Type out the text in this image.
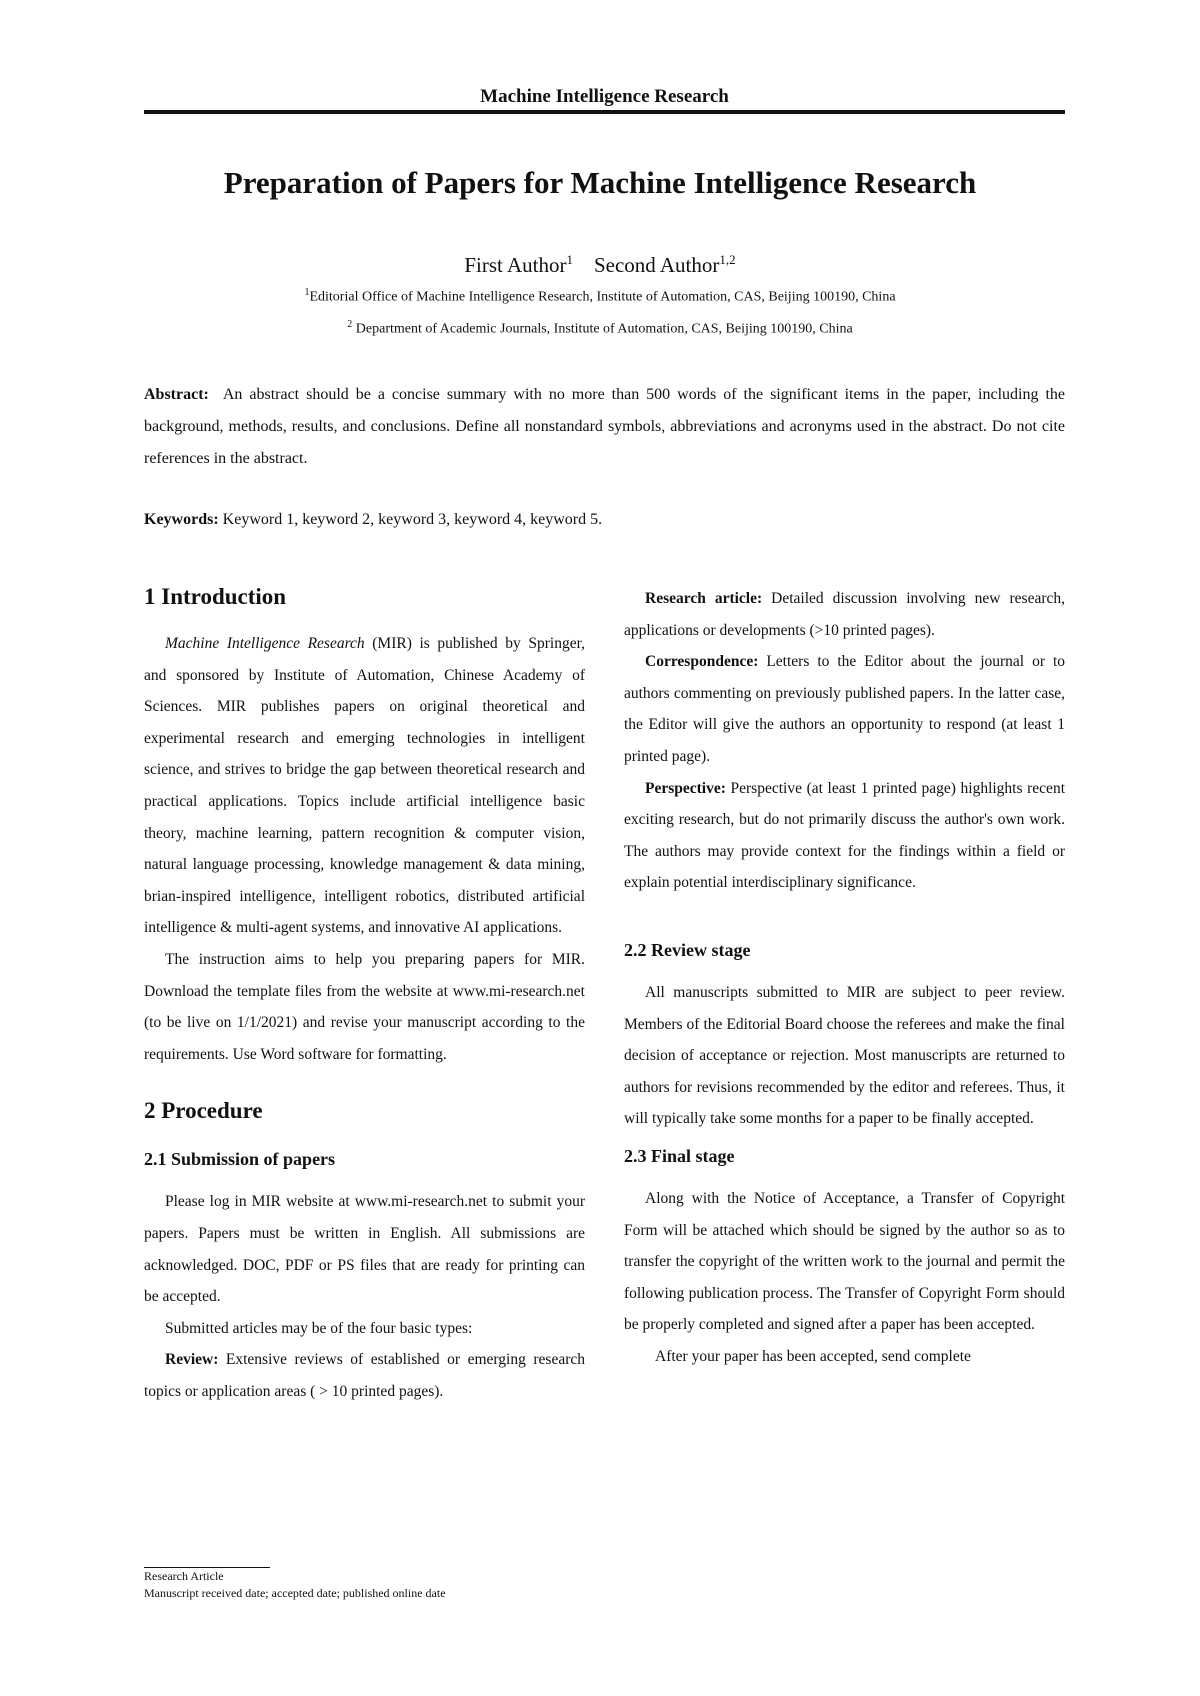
Machine Intelligence Research
Preparation of Papers for Machine Intelligence Research
First Author$^1$ Second Author$^{1,2}$
$^1$Editorial Office of Machine Intelligence Research, Institute of Automation, CAS, Beijing 100190, China
$^2$ Department of Academic Journals, Institute of Automation, CAS, Beijing 100190, China
Abstract: An abstract should be a concise summary with no more than 500 words of the significant items in the paper, including the background, methods, results, and conclusions. Define all nonstandard symbols, abbreviations and acronyms used in the abstract. Do not cite references in the abstract.
Keywords: Keyword 1, keyword 2, keyword 3, keyword 4, keyword 5.
1 Introduction

Machine Intelligence Research (MIR) is published by Springer, and sponsored by Institute of Automation, Chinese Academy of Sciences. MIR publishes papers on original theoretical and experimental research and emerging technologies in intelligent science, and strives to bridge the gap between theoretical research and practical applications. Topics include artificial intelligence basic theory, machine learning, pattern recognition & computer vision, natural language processing, knowledge management & data mining, brian-inspired intelligence, intelligent robotics, distributed artificial intelligence & multi-agent systems, and innovative AI applications.

The instruction aims to help you preparing papers for MIR. Download the template files from the website at www.mi-research.net (to be live on 1/1/2021) and revise your manuscript according to the requirements. Use Word software for formatting.

2 Procedure
2.1 Submission of papers

Please log in MIR website at www.mi-research.net to submit your papers. Papers must be written in English. All submissions are acknowledged. DOC, PDF or PS files that are ready for printing can be accepted.

Submitted articles may be of the four basic types:

Review: Extensive reviews of established or emerging research topics or application areas ( > 10 printed pages).

Research article: Detailed discussion involving new research, applications or developments (>10 printed pages).

Correspondence: Letters to the Editor about the journal or to authors commenting on previously published papers. In the latter case, the Editor will give the authors an opportunity to respond (at least 1 printed page).

Perspective: Perspective (at least 1 printed page) highlights recent exciting research, but do not primarily discuss the author's own work. The authors may provide context for the findings within a field or explain potential interdisciplinary significance.

2.2 Review stage

All manuscripts submitted to MIR are subject to peer review. Members of the Editorial Board choose the referees and make the final decision of acceptance or rejection. Most manuscripts are returned to authors for revisions recommended by the editor and referees. Thus, it will typically take some months for a paper to be finally accepted.

2.3 Final stage

Along with the Notice of Acceptance, a Transfer of Copyright Form will be attached which should be signed by the author so as to transfer the copyright of the written work to the journal and permit the following publication process. The Transfer of Copyright Form should be properly completed and signed after a paper has been accepted.

After your paper has been accepted, send complete

Research Article
Manuscript received date; accepted date; published online date
